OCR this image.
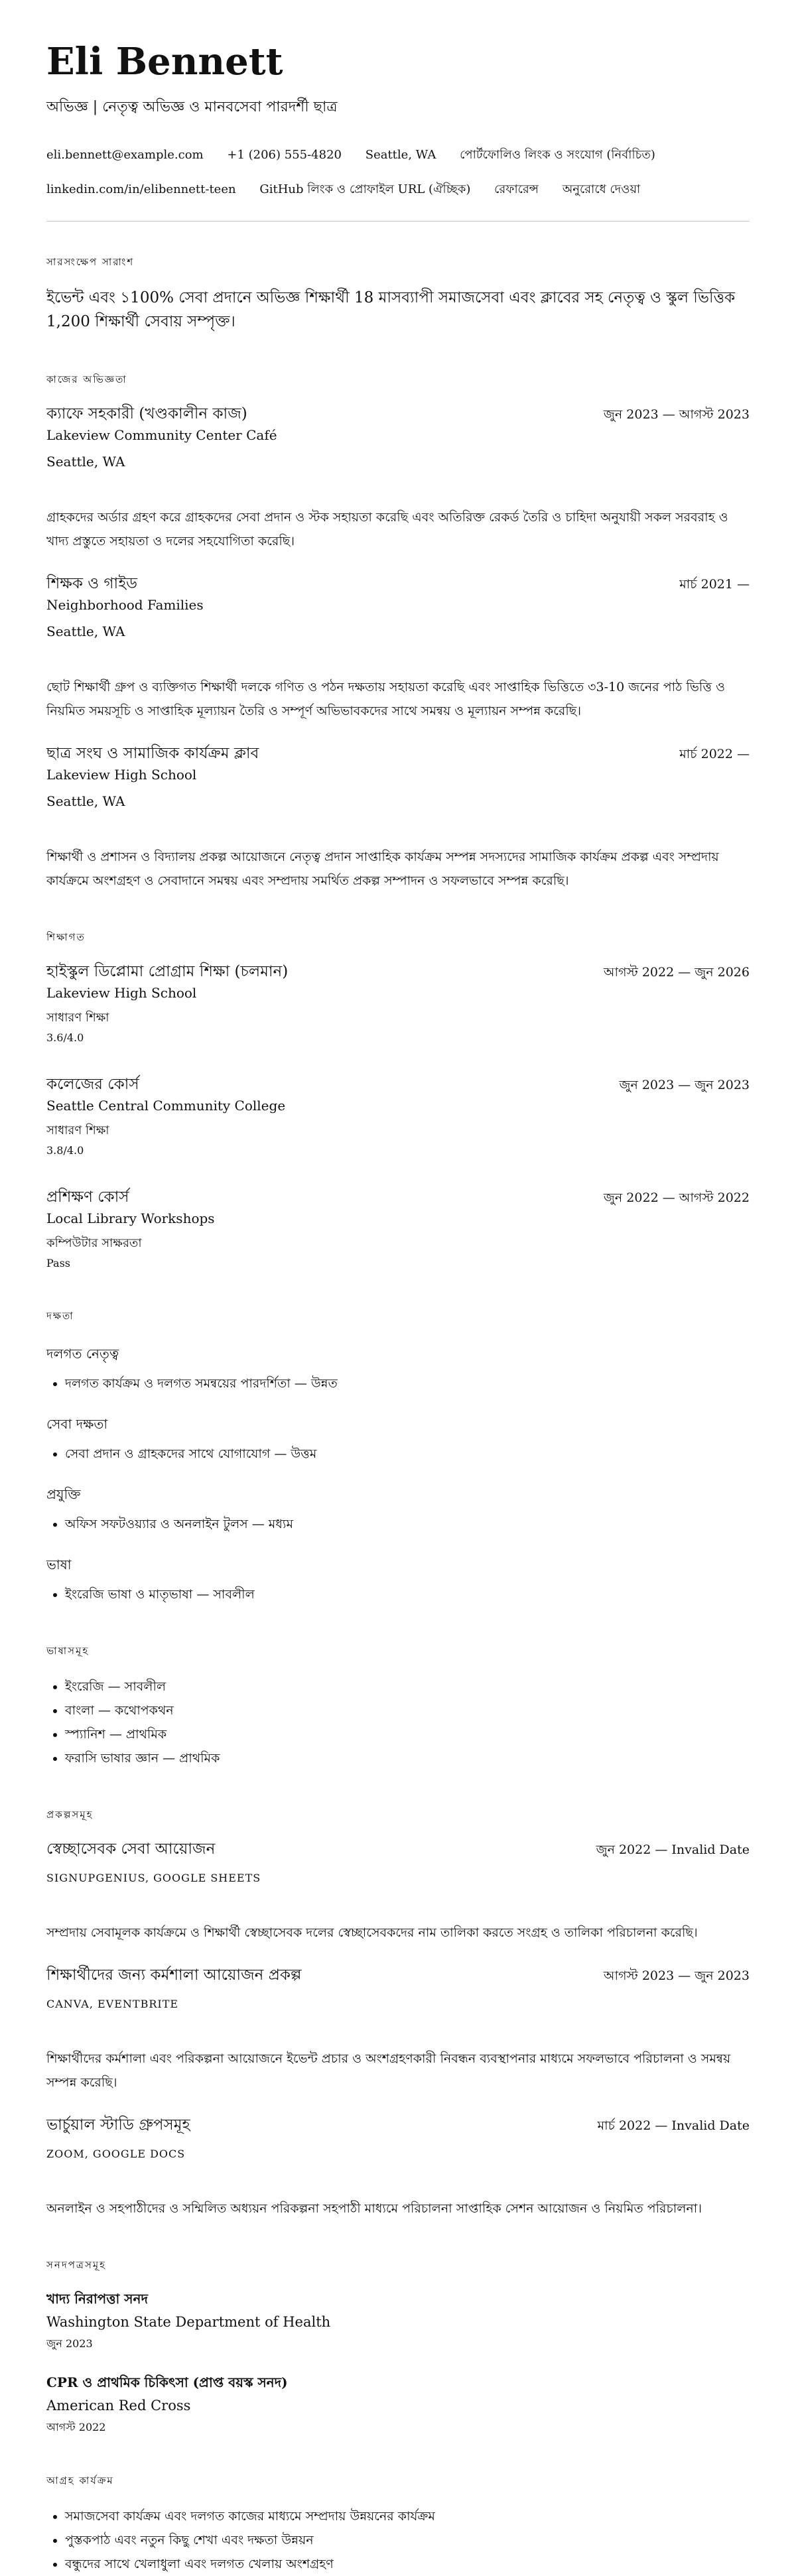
Eli Bennett
অভিজ্ঞ | নেতৃত্ব অভিজ্ঞ ও মানবসেবা পারদর্শী ছাত্র
eli.bennett@example.com +1 (206) 555-4820 Seattle, WA পোর্টফোলিও লিংক ও সংযোগ (নির্বাচিত)
linkedin.com/in/elibennett-teen GitHub লিংক ও প্রোফাইল URL (ঐচ্ছিক) রেফারেন্স অনুরোধে দেওয়া
সারসংক্ষেপ সারাংশ
ইভেন্ট এবং ১100% সেবা প্রদানে অভিজ্ঞ শিক্ষার্থী 18 মাসব্যাপী সমাজসেবা এবং ক্লাবের সহ নেতৃত্ব ও স্কুল ভিত্তিক 1,200 শিক্ষার্থী সেবায় সম্পৃক্ত।
কাজের অভিজ্ঞতা
ক্যাফে সহকারী (খণ্ডকালীন কাজ)	জুন 2023 — আগস্ট 2023
Lakeview Community Center Café
Seattle, WA
গ্রাহকদের অর্ডার গ্রহণ করে গ্রাহকদের সেবা প্রদান ও স্টক সহায়তা করেছি এবং অতিরিক্ত রেকর্ড তৈরি ও চাহিদা অনুযায়ী সকল সরবরাহ ও খাদ্য প্রস্তুতে সহায়তা ও দলের সহযোগিতা করেছি।
শিক্ষক ও গাইড	মার্চ 2021 —
Neighborhood Families
Seattle, WA
ছোট শিক্ষার্থী গ্রুপ ও ব্যক্তিগত শিক্ষার্থী দলকে গণিত ও পঠন দক্ষতায় সহায়তা করেছি এবং সাপ্তাহিক ভিত্তিতে ৩3-10 জনের পাঠ ভিত্তি ও নিয়মিত সময়সূচি ও সাপ্তাহিক মূল্যায়ন তৈরি ও সম্পূর্ণ অভিভাবকদের সাথে সমন্বয় ও মূল্যায়ন সম্পন্ন করেছি।
ছাত্র সংঘ ও সামাজিক কার্যক্রম ক্লাব	মার্চ 2022 —
Lakeview High School
Seattle, WA
শিক্ষার্থী ও প্রশাসন ও বিদ্যালয় প্রকল্প আয়োজনে নেতৃত্ব প্রদান সাপ্তাহিক কার্যক্রম সম্পন্ন সদস্যদের সামাজিক কার্যক্রম প্রকল্প এবং সম্প্রদায় কার্যক্রমে অংশগ্রহণ ও সেবাদানে সমন্বয় এবং সম্প্রদায় সমর্থিত প্রকল্প সম্পাদন ও সফলভাবে সম্পন্ন করেছি।
শিক্ষাগত
হাইস্কুল ডিপ্লোমা প্রোগ্রাম শিক্ষা (চলমান)	আগস্ট 2022 — জুন 2026
Lakeview High School
সাধারণ শিক্ষা
3.6/4.0
কলেজের কোর্স	জুন 2023 — জুন 2023
Seattle Central Community College
সাধারণ শিক্ষা
3.8/4.0
প্রশিক্ষণ কোর্স	জুন 2022 — আগস্ট 2022
Local Library Workshops
কম্পিউটার সাক্ষরতা
Pass
দক্ষতা
দলগত নেতৃত্ব
• দলগত কার্যক্রম ও দলগত সমন্বয়ের পারদর্শিতা — উন্নত
সেবা দক্ষতা
• সেবা প্রদান ও গ্রাহকদের সাথে যোগাযোগ — উত্তম
প্রযুক্তি
• অফিস সফটওয়্যার ও অনলাইন টুলস — মধ্যম
ভাষা
• ইংরেজি ভাষা ও মাতৃভাষা — সাবলীল
ভাষাসমূহ
• ইংরেজি — সাবলীল
• বাংলা — কথোপকথন
• স্প্যানিশ — প্রাথমিক
• ফরাসি ভাষার জ্ঞান — প্রাথমিক
প্রকল্পসমূহ
স্বেচ্ছাসেবক সেবা আয়োজন	জুন 2022 — Invalid Date
SIGNUPGENIUS, GOOGLE SHEETS
সম্প্রদায় সেবামূলক কার্যক্রমে ও শিক্ষার্থী স্বেচ্ছাসেবক দলের স্বেচ্ছাসেবকদের নাম তালিকা করতে সংগ্রহ ও তালিকা পরিচালনা করেছি।
শিক্ষার্থীদের জন্য কর্মশালা আয়োজন প্রকল্প	আগস্ট 2023 — জুন 2023
CANVA, EVENTBRITE
শিক্ষার্থীদের কর্মশালা এবং পরিকল্পনা আয়োজনে ইভেন্ট প্রচার ও অংশগ্রহণকারী নিবন্ধন ব্যবস্থাপনার মাধ্যমে সফলভাবে পরিচালনা ও সমন্বয় সম্পন্ন করেছি।
ভার্চুয়াল স্টাডি গ্রুপসমূহ	মার্চ 2022 — Invalid Date
ZOOM, GOOGLE DOCS
অনলাইন ও সহপাঠীদের ও সম্মিলিত অধ্যয়ন পরিকল্পনা সহপাঠী মাধ্যমে পরিচালনা সাপ্তাহিক সেশন আয়োজন ও নিয়মিত পরিচালনা।
সনদপত্রসমূহ
খাদ্য নিরাপত্তা সনদ
Washington State Department of Health
জুন 2023
CPR ও প্রাথমিক চিকিৎসা (প্রাপ্ত বয়স্ক সনদ)
American Red Cross
আগস্ট 2022
আগ্রহ কার্যক্রম
• সমাজসেবা কার্যক্রম এবং দলগত কাজের মাধ্যমে সম্প্রদায় উন্নয়নের কার্যক্রম
• পুস্তকপাঠ এবং নতুন কিছু শেখা এবং দক্ষতা উন্নয়ন
• বন্ধুদের সাথে খেলাধুলা এবং দলগত খেলায় অংশগ্রহণ
